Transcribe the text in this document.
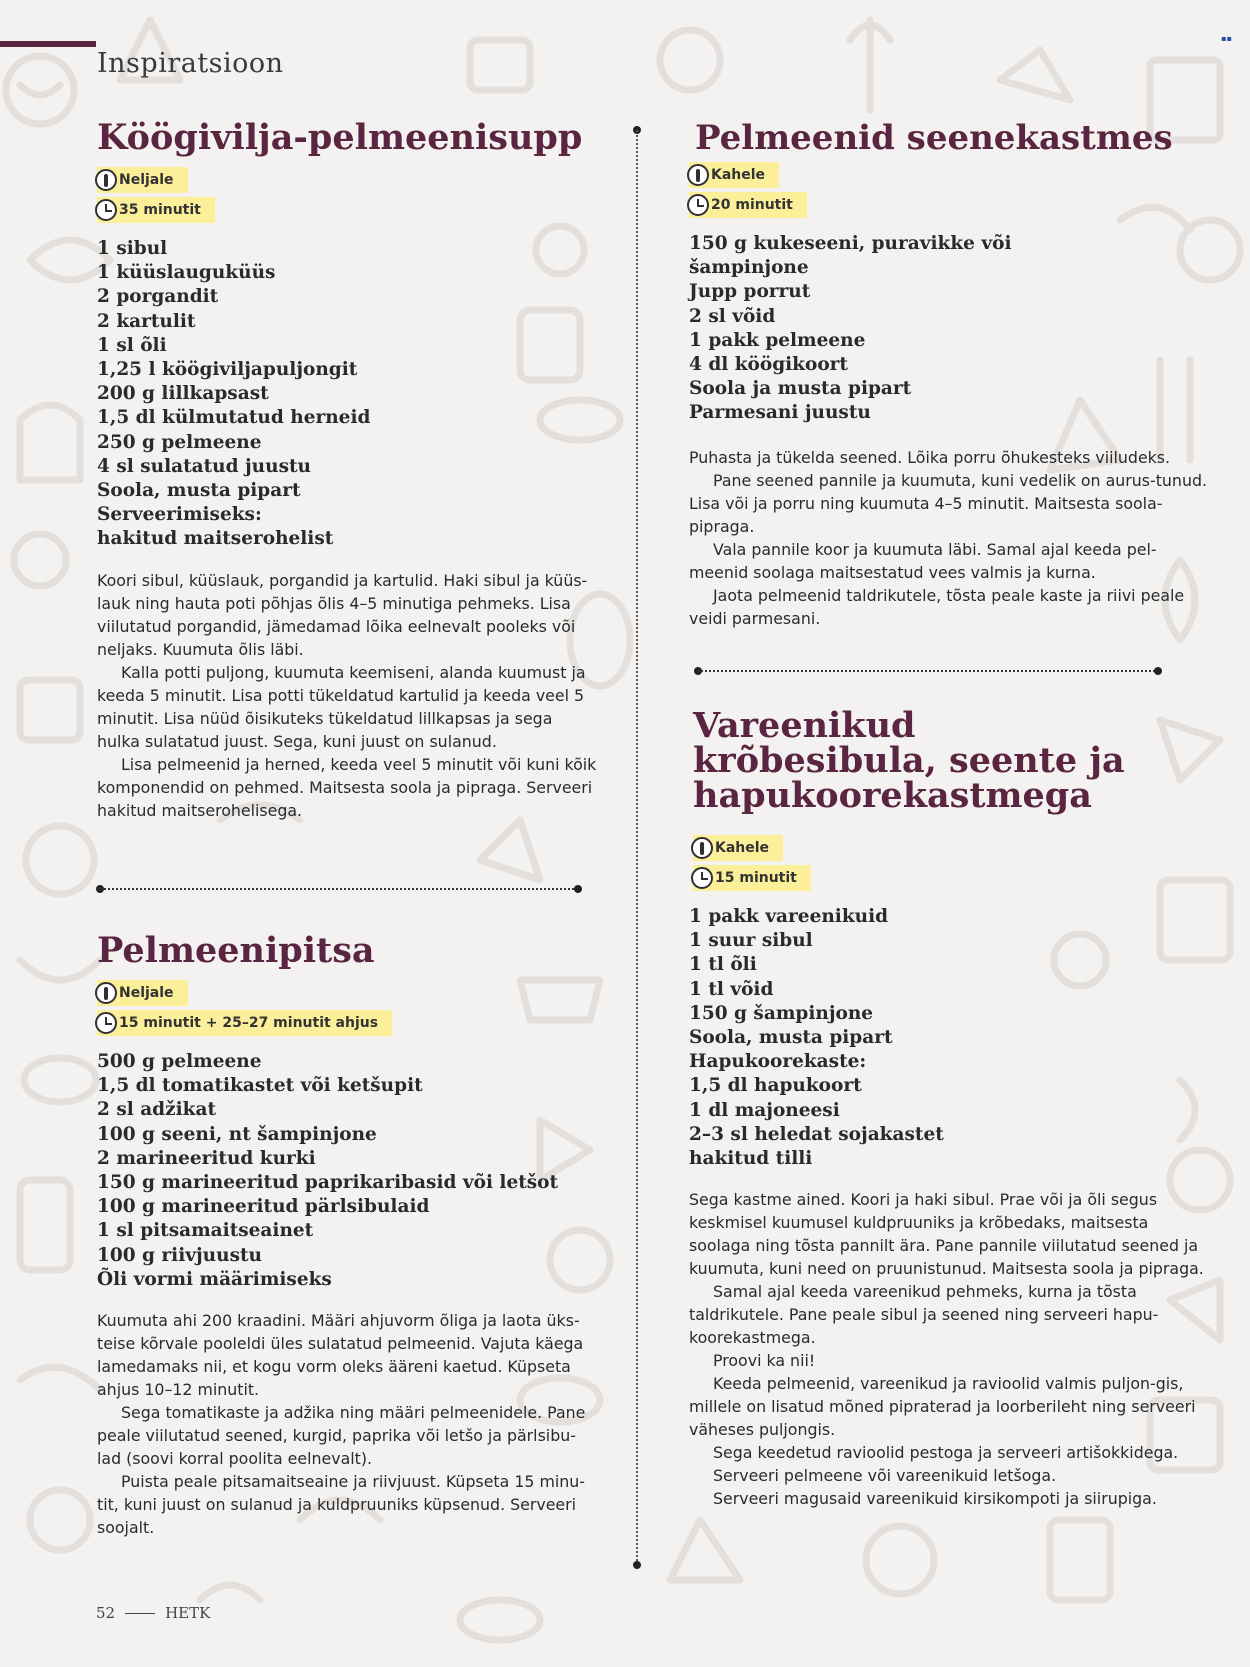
Inspiratsioon
▪▪
Köögivilja-pelmeenisupp
Neljale
35 minutit
1 sibul
1 küüslauguküüs
2 porgandit
2 kartulit
1 sl õli
1,25 l köögiviljapuljongit
200 g lillkapsast
1,5 dl külmutatud herneid
250 g pelmeene
4 sl sulatatud juustu
Soola, musta pipart
Serveerimiseks:
hakitud maitserohelist

Koori sibul, küüslauk, porgandid ja kartulid. Haki sibul ja küüs-lauk ning hauta poti põhjas õlis 4–5 minutiga pehmeks. Lisa viilutatud porgandid, jämedamad lõika eelnevalt pooleks või neljaks. Kuumuta õlis läbi.

Kalla potti puljong, kuumuta keemiseni, alanda kuumust ja keeda 5 minutit. Lisa potti tükeldatud kartulid ja keeda veel 5 minutit. Lisa nüüd õisikuteks tükeldatud lillkapsas ja sega hulka sulatatud juust. Sega, kuni juust on sulanud.

Lisa pelmeenid ja herned, keeda veel 5 minutit või kuni kõik komponendid on pehmed. Maitsesta soola ja pipraga. Serveeri hakitud maitserohelisega.

Pelmeenipitsa
Neljale
15 minutit + 25–27 minutit ahjus
500 g pelmeene
1,5 dl tomatikastet või ketšupit
2 sl adžikat
100 g seeni, nt šampinjone
2 marineeritud kurki
150 g marineeritud paprikaribasid või letšot
100 g marineeritud pärlsibulaid
1 sl pitsamaitseainet
100 g riivjuustu
Õli vormi määrimiseks

Kuumuta ahi 200 kraadini. Määri ahjuvorm õliga ja laota üks-teise kõrvale pooleldi üles sulatatud pelmeenid. Vajuta käega lamedamaks nii, et kogu vorm oleks ääreni kaetud. Küpseta ahjus 10–12 minutit.

Sega tomatikaste ja adžika ning määri pelmeenidele. Pane peale viilutatud seened, kurgid, paprika või letšo ja pärlsibu-lad (soovi korral poolita eelnevalt).

Puista peale pitsamaitseaine ja riivjuust. Küpseta 15 minu-tit, kuni juust on sulanud ja kuldpruuniks küpsenud. Serveeri soojalt.

Pelmeenid seenekastmes
Kahele
20 minutit
150 g kukeseeni, puravikke või
šampinjone
Jupp porrut
2 sl võid
1 pakk pelmeene
4 dl köögikoort
Soola ja musta pipart
Parmesani juustu

Puhasta ja tükelda seened. Lõika porru õhukesteks viiludeks.

Pane seened pannile ja kuumuta, kuni vedelik on aurus-tunud. Lisa või ja porru ning kuumuta 4–5 minutit. Maitsesta soola-pipraga.

Vala pannile koor ja kuumuta läbi. Samal ajal keeda pel-meenid soolaga maitsestatud vees valmis ja kurna.

Jaota pelmeenid taldrikutele, tõsta peale kaste ja riivi peale veidi parmesani.

Vareenikud
krõbesibula, seente ja
hapukoorekastmega
Kahele
15 minutit
1 pakk vareenikuid
1 suur sibul
1 tl õli
1 tl võid
150 g šampinjone
Soola, musta pipart
Hapukoorekaste:
1,5 dl hapukoort
1 dl majoneesi
2–3 sl heledat sojakastet
hakitud tilli

Sega kastme ained. Koori ja haki sibul. Prae või ja õli segus keskmisel kuumusel kuldpruuniks ja krõbedaks, maitsesta soolaga ning tõsta pannilt ära. Pane pannile viilutatud seened ja kuumuta, kuni need on pruunistunud. Maitsesta soola ja pipraga.

Samal ajal keeda vareenikud pehmeks, kurna ja tõsta taldrikutele. Pane peale sibul ja seened ning serveeri hapu-koorekastmega.

Proovi ka nii!

Keeda pelmeenid, vareenikud ja ravioolid valmis puljon-gis, millele on lisatud mõned pipraterad ja loorberileht ning serveeri väheses puljongis.

Sega keedetud ravioolid pestoga ja serveeri artišokkidega.

Serveeri pelmeene või vareenikuid letšoga.

Serveeri magusaid vareenikuid kirsikompoti ja siirupiga.

52	HETK
